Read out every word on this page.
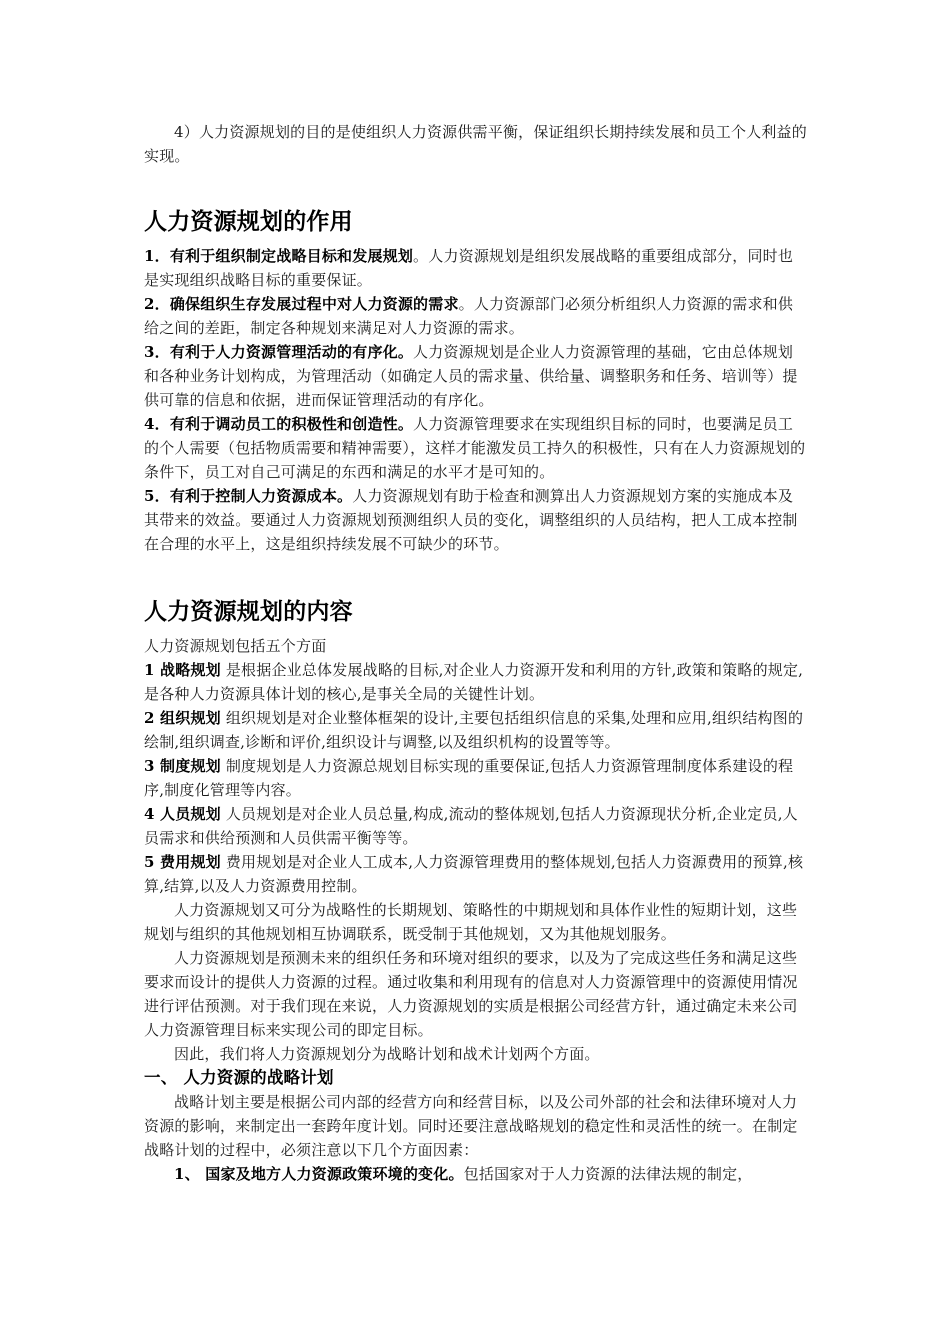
4）人力资源规划的目的是使组织人力资源供需平衡，保证组织长期持续发展和员工个人利益的实现。

人力资源规划的作用

1．有利于组织制定战略目标和发展规划。人力资源规划是组织发展战略的重要组成部分，同时也是实现组织战略目标的重要保证。

2．确保组织生存发展过程中对人力资源的需求。人力资源部门必须分析组织人力资源的需求和供给之间的差距，制定各种规划来满足对人力资源的需求。

3．有利于人力资源管理活动的有序化。人力资源规划是企业人力资源管理的基础，它由总体规划和各种业务计划构成，为管理活动（如确定人员的需求量、供给量、调整职务和任务、培训等）提供可靠的信息和依据，进而保证管理活动的有序化。

4．有利于调动员工的积极性和创造性。人力资源管理要求在实现组织目标的同时，也要满足员工的个人需要（包括物质需要和精神需要），这样才能激发员工持久的积极性，只有在人力资源规划的条件下，员工对自己可满足的东西和满足的水平才是可知的。

5．有利于控制人力资源成本。人力资源规划有助于检查和测算出人力资源规划方案的实施成本及其带来的效益。要通过人力资源规划预测组织人员的变化，调整组织的人员结构，把人工成本控制在合理的水平上，这是组织持续发展不可缺少的环节。

人力资源规划的内容

人力资源规划包括五个方面

1 战略规划 是根据企业总体发展战略的目标,对企业人力资源开发和利用的方针,政策和策略的规定,是各种人力资源具体计划的核心,是事关全局的关键性计划。

2 组织规划 组织规划是对企业整体框架的设计,主要包括组织信息的采集,处理和应用,组织结构图的绘制,组织调查,诊断和评价,组织设计与调整,以及组织机构的设置等等。

3 制度规划 制度规划是人力资源总规划目标实现的重要保证,包括人力资源管理制度体系建设的程序,制度化管理等内容。

4 人员规划 人员规划是对企业人员总量,构成,流动的整体规划,包括人力资源现状分析,企业定员,人员需求和供给预测和人员供需平衡等等。

5 费用规划 费用规划是对企业人工成本,人力资源管理费用的整体规划,包括人力资源费用的预算,核算,结算,以及人力资源费用控制。

人力资源规划又可分为战略性的长期规划、策略性的中期规划和具体作业性的短期计划，这些规划与组织的其他规划相互协调联系，既受制于其他规划，又为其他规划服务。

人力资源规划是预测未来的组织任务和环境对组织的要求，以及为了完成这些任务和满足这些要求而设计的提供人力资源的过程。通过收集和利用现有的信息对人力资源管理中的资源使用情况进行评估预测。对于我们现在来说，人力资源规划的实质是根据公司经营方针，通过确定未来公司人力资源管理目标来实现公司的即定目标。

因此，我们将人力资源规划分为战略计划和战术计划两个方面。

一、 人力资源的战略计划

战略计划主要是根据公司内部的经营方向和经营目标，以及公司外部的社会和法律环境对人力资源的影响，来制定出一套跨年度计划。同时还要注意战略规划的稳定性和灵活性的统一。在制定战略计划的过程中，必须注意以下几个方面因素：

1、 国家及地方人力资源政策环境的变化。包括国家对于人力资源的法律法规的制定，
